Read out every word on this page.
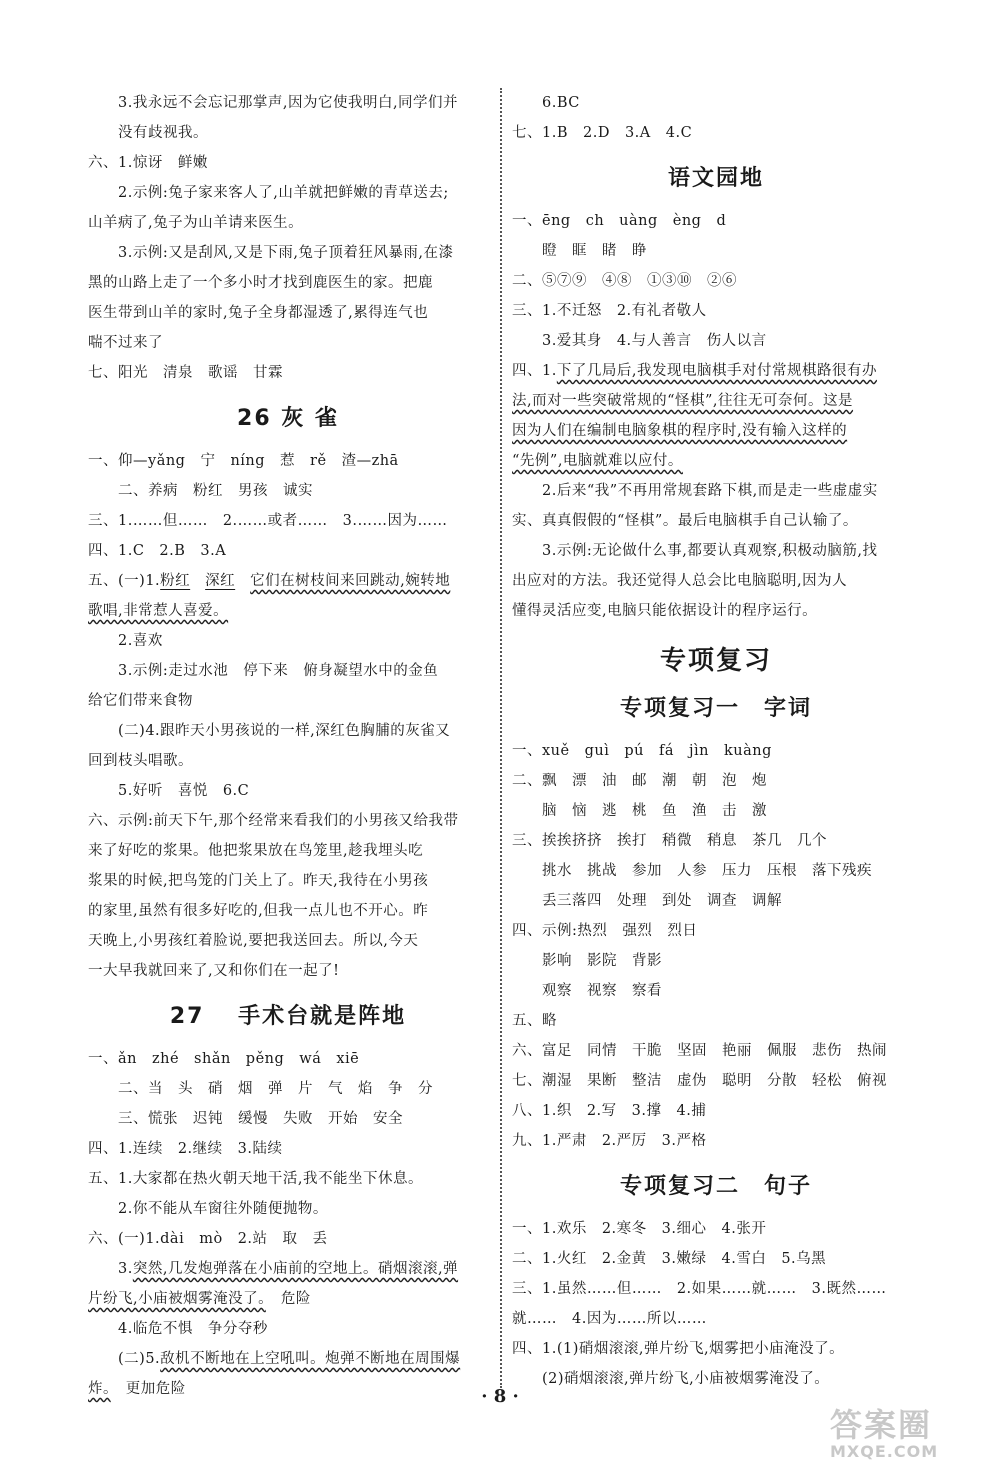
3.我永远不会忘记那掌声,因为它使我明白,同学们并
没有歧视我。
六、1.惊讶　鲜嫩
2.示例:兔子家来客人了,山羊就把鲜嫩的青草送去;
山羊病了,兔子为山羊请来医生。
3.示例:又是刮风,又是下雨,兔子顶着狂风暴雨,在漆
黑的山路上走了一个多小时才找到鹿医生的家。把鹿
医生带到山羊的家时,兔子全身都湿透了,累得连气也
喘不过来了
七、阳光　清泉　歌谣　甘霖
26 灰 雀
一、仰—yǎng　宁　níng　惹　rě　渣—zhā
二、养病　粉红　男孩　诚实
三、1.……但……　2.……或者……　3.……因为……
四、1.C　2.B　3.A
五、(一)1.粉红　 深红　 它们在树枝间来回跳动,婉转地
歌唱,非常惹人喜爱。
2.喜欢
3.示例:走过水池　停下来　俯身凝望水中的金鱼
给它们带来食物
(二)4.跟昨天小男孩说的一样,深红色胸脯的灰雀又
回到枝头唱歌。
5.好听　喜悦　6.C
六、示例:前天下午,那个经常来看我们的小男孩又给我带
来了好吃的浆果。他把浆果放在鸟笼里,趁我埋头吃
浆果的时候,把鸟笼的门关上了。昨天,我待在小男孩
的家里,虽然有很多好吃的,但我一点儿也不开心。昨
天晚上,小男孩红着脸说,要把我送回去。所以,今天
一大早我就回来了,又和你们在一起了!
27 　手术台就是阵地
一、ǎn　zhé　shǎn　pěng　wá　xiē
二、当　头　硝　烟　弹　片　气　焰　争　分
三、慌张　迟钝　缓慢　失败　开始　安全
四、1.连续　2.继续　3.陆续
五、1.大家都在热火朝天地干活,我不能坐下休息。
2.你不能从车窗往外随便抛物。
六、(一)1.dài　mò　2.站　取　丢
3.突然,几发炮弹落在小庙前的空地上。硝烟滚滚,弹
片纷飞,小庙被烟雾淹没了。　危险
4.临危不惧　争分夺秒
(二)5.敌机不断地在上空吼叫。炮弹不断地在周围爆
炸。　更加危险
6.BC
七、1.B　2.D　3.A　4.C
语文园地
一、ēng　ch　uàng　èng　d
瞪　眶　睹　睁
二、⑤⑦⑨　④⑧　①③⑩　②⑥
三、1.不迁怒　2.有礼者敬人
3.爱其身　4.与人善言　伤人以言
四、1.下了几局后,我发现电脑棋手对付常规棋路很有办
法,而对一些突破常规的“怪棋”,往往无可奈何。这是
因为人们在编制电脑象棋的程序时,没有输入这样的
“先例”,电脑就难以应付。
2.后来“我”不再用常规套路下棋,而是走一些虚虚实
实、真真假假的“怪棋”。最后电脑棋手自己认输了。
3.示例:无论做什么事,都要认真观察,积极动脑筋,找
出应对的方法。我还觉得人总会比电脑聪明,因为人
懂得灵活应变,电脑只能依据设计的程序运行。
专项复习
专项复习一　字词
一、xuě　guì　pú　fá　jìn　kuàng
二、飘　漂　油　邮　潮　朝　泡　炮
脑　恼　逃　桃　鱼　渔　击　激
三、挨挨挤挤　挨打　稍微　稍息　茶几　几个
挑水　挑战　参加　人参　压力　压根　落下残疾
丢三落四　处理　到处　调查　调解
四、示例:热烈　强烈　烈日
影响　影院　背影
观察　视察　察看
五、略
六、富足　同情　干脆　坚固　艳丽　佩服　悲伤　热闹
七、潮湿　果断　整洁　虚伪　聪明　分散　轻松　俯视
八、1.织　2.写　3.撑　4.捕
九、1.严肃　2.严厉　3.严格
专项复习二　句子
一、1.欢乐　2.寒冬　3.细心　4.张开
二、1.火红　2.金黄　3.嫩绿　4.雪白　5.乌黑
三、1.虽然……但……　2.如果……就……　3.既然……
就……　4.因为……所以……
四、1.(1)硝烟滚滚,弹片纷飞,烟雾把小庙淹没了。
(2)硝烟滚滚,弹片纷飞,小庙被烟雾淹没了。
· 8 ·
答案圈
MXQE.COM
